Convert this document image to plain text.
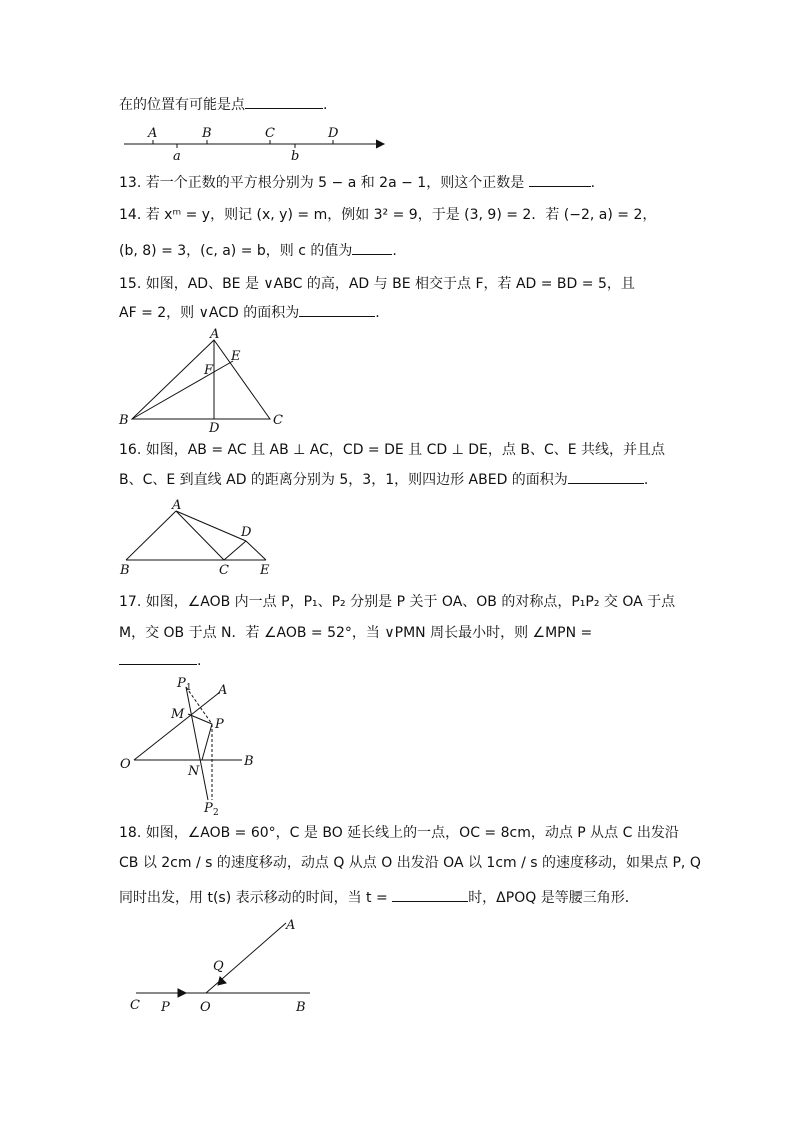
在的位置有可能是点	.
A	B	C	D
a	b
13. 若一个正数的平方根分别为 5 − a 和 2a − 1，则这个正数是	.
14. 若 xᵐ = y，则记 (x, y) = m，例如 3² = 9，于是 (3, 9) = 2．若 (−2, a) = 2，
(b, 8) = 3，(c, a) = b，则 c 的值为	.
15. 如图，AD、BE 是 ∨ABC 的高，AD 与 BE 相交于点 F，若 AD = BD = 5，且
AF = 2，则 ∨ACD 的面积为	.
A
B	C
D
E
F
16. 如图，AB = AC 且 AB ⊥ AC，CD = DE 且 CD ⊥ DE，点 B、C、E 共线，并且点
B、C、E 到直线 AD 的距离分别为 5，3，1，则四边形 ABED 的面积为	.
A
B	C
D
E
17. 如图，∠AOB 内一点 P，P₁、P₂ 分别是 P 关于 OA、OB 的对称点，P₁P₂ 交 OA 于点
M，交 OB 于点 N．若 ∠AOB = 52°，当 ∨PMN 周长最小时，则 ∠MPN =
.
O
A
B
M
N
P
P 1
P 2
18. 如图，∠AOB = 60°，C 是 BO 延长线上的一点，OC = 8cm，动点 P 从点 C 出发沿
CB 以 2cm / s 的速度移动，动点 Q 从点 O 出发沿 OA 以 1cm / s 的速度移动，如果点 P, Q
同时出发，用 t(s) 表示移动的时间，当 t =	时，ΔPOQ 是等腰三角形．
C P O	B
Q
A
